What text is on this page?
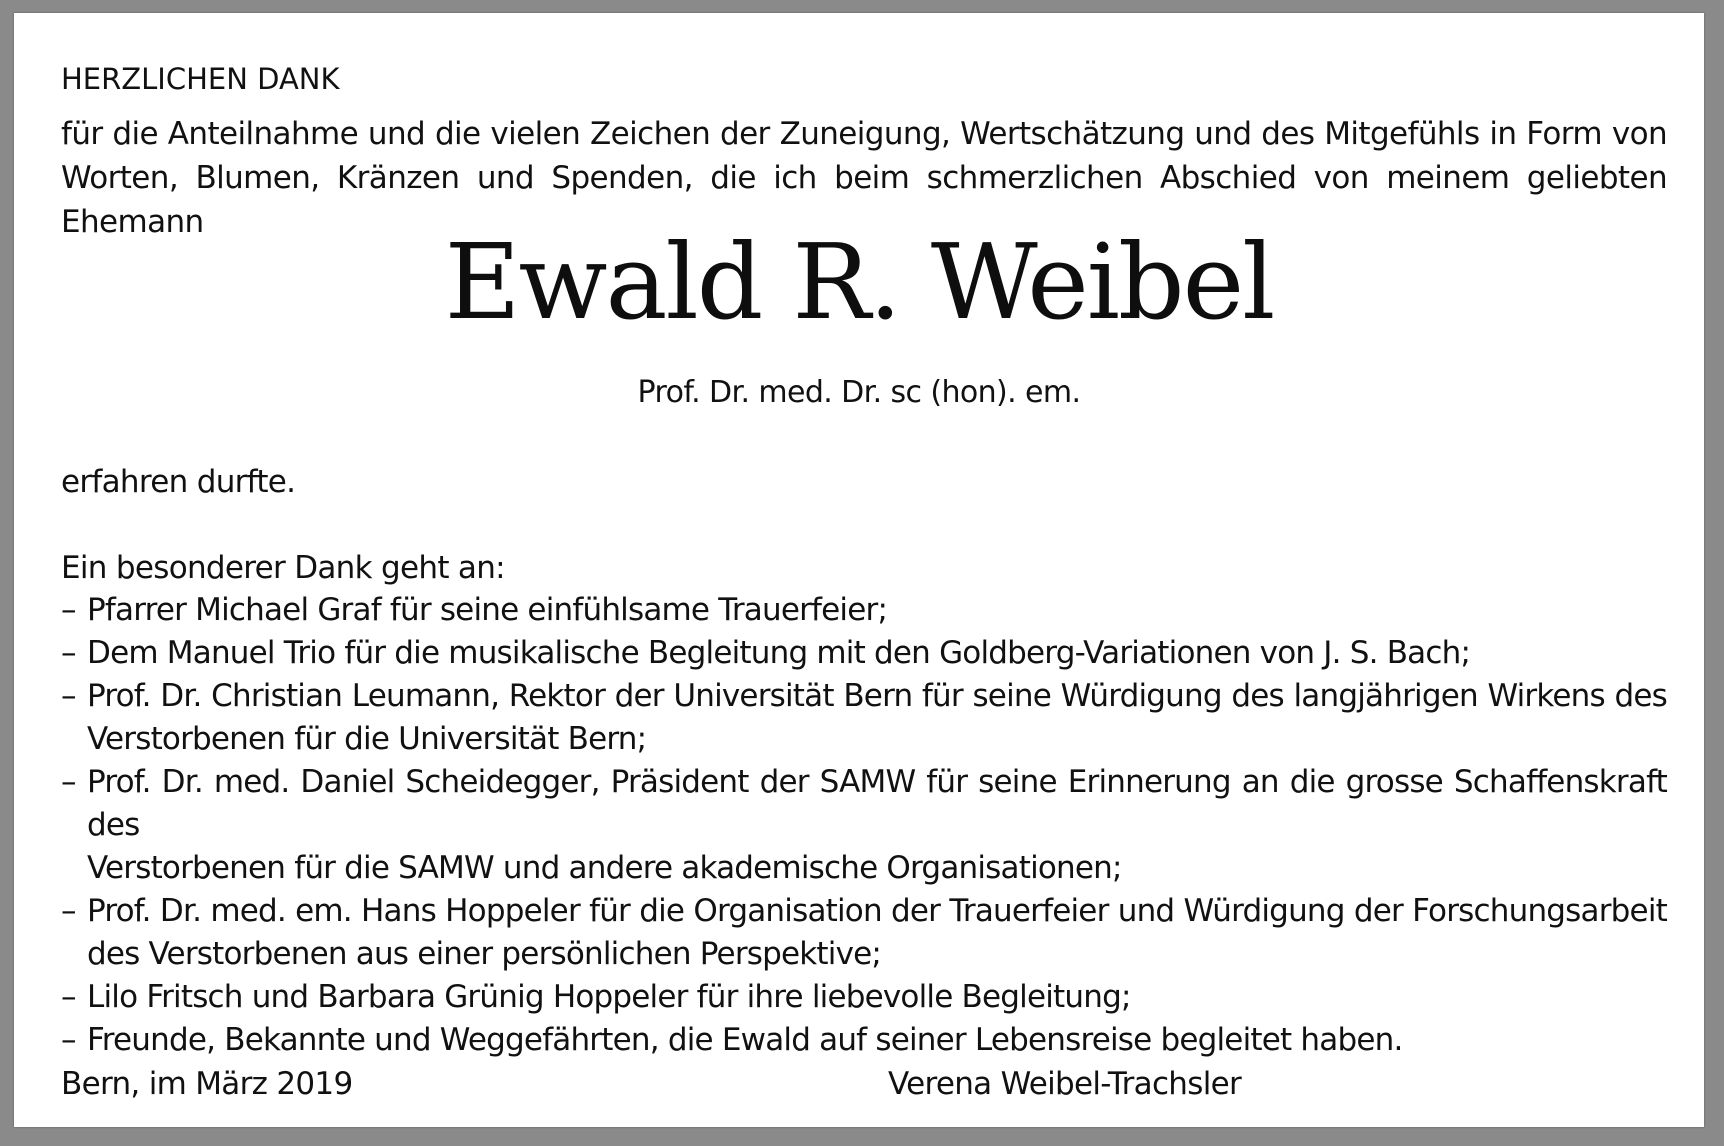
HERZLICHEN DANK
für die Anteilnahme und die vielen Zeichen der Zuneigung, Wertschätzung und des Mitgefühls in Form von
Worten, Blumen, Kränzen und Spenden, die ich beim schmerzlichen Abschied von meinem geliebten Ehemann	Ewald R. Weibel
Prof. Dr. med. Dr. sc (hon). em.
erfahren durfte.
Ein besonderer Dank geht an:
– Pfarrer Michael Graf für seine einfühlsame Trauerfeier;
– Dem Manuel Trio für die musikalische Begleitung mit den Goldberg-Variationen von J. S. Bach;
– Prof. Dr. Christian Leumann, Rektor der Universität Bern für seine Würdigung des langjährigen Wirkens des
Verstorbenen für die Universität Bern;
– Prof. Dr. med. Daniel Scheidegger, Präsident der SAMW für seine Erinnerung an die grosse Schaffenskraft des
Verstorbenen für die SAMW und andere akademische Organisationen;
– Prof. Dr. med. em. Hans Hoppeler für die Organisation der Trauerfeier und Würdigung der Forschungsarbeit
des Verstorbenen aus einer persönlichen Perspektive;
– Lilo Fritsch und Barbara Grünig Hoppeler für ihre liebevolle Begleitung;
– Freunde, Bekannte und Weggefährten, die Ewald auf seiner Lebensreise begleitet haben.
Bern, im März 2019	Verena Weibel-Trachsler
